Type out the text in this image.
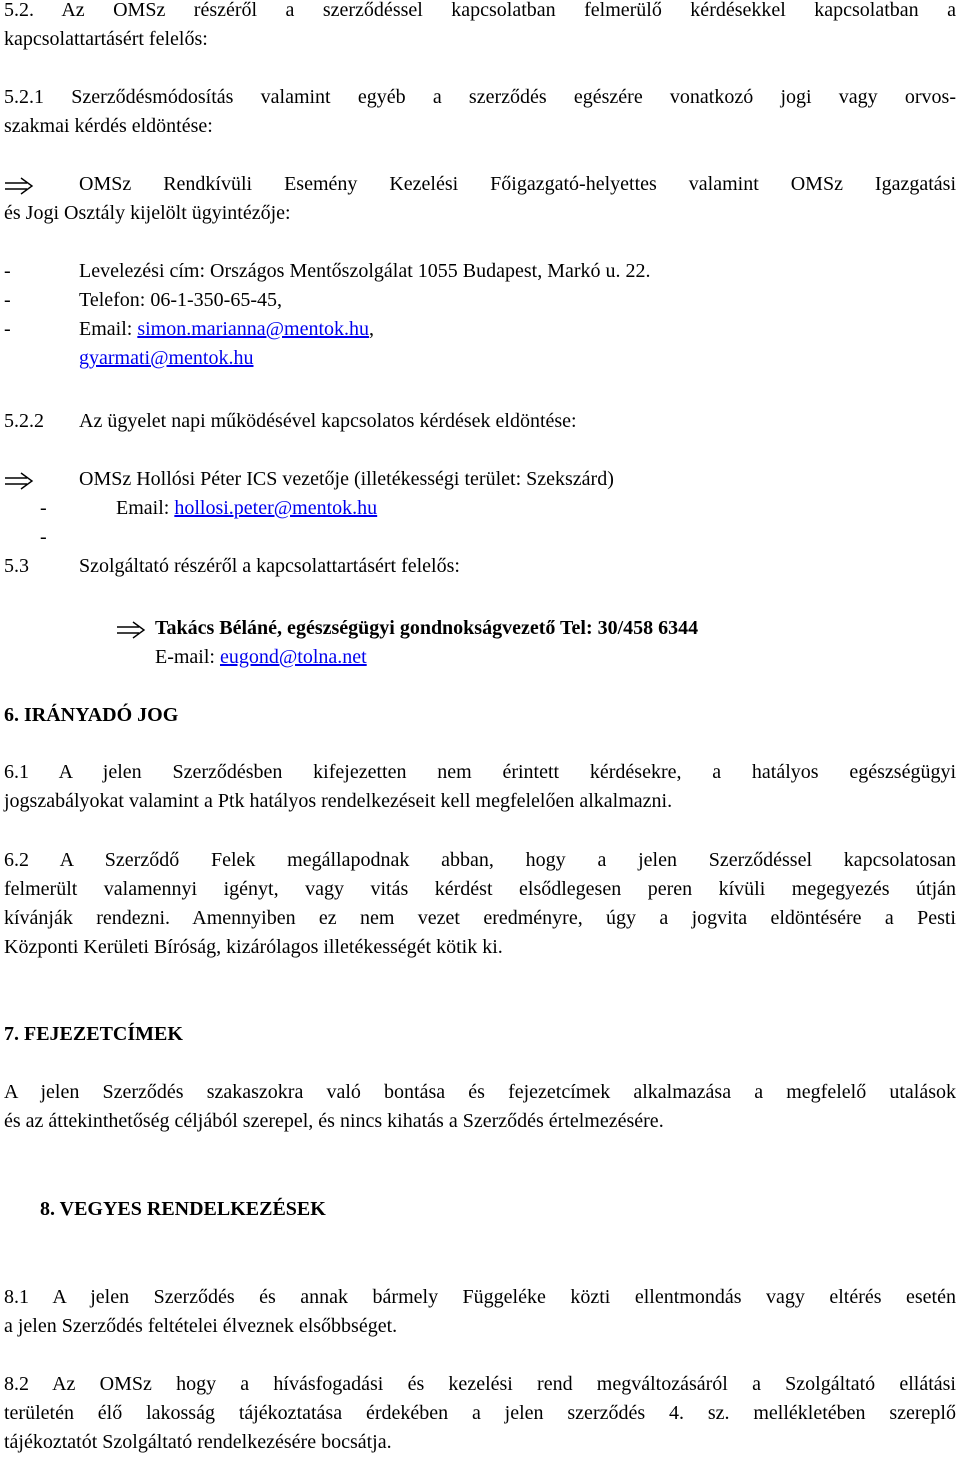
5.2. Az OMSz részéről a szerződéssel kapcsolatban felmerülő kérdésekkel kapcsolatban a
kapcsolattartásért felelős:
5.2.1 Szerződésmódosítás valamint egyéb a szerződés egészére vonatkozó jogi vagy orvos-
szakmai kérdés eldöntése:
OMSz Rendkívüli Esemény Kezelési Főigazgató-helyettes valamint OMSz Igazgatási
és Jogi Osztály kijelölt ügyintézője:
-	Levelezési cím: Országos Mentőszolgálat 1055 Budapest, Markó u. 22.
-	Telefon: 06-1-350-65-45,
-	Email: simon.marianna@mentok.hu,
gyarmati@mentok.hu
5.2.2 Az ügyelet napi működésével kapcsolatos kérdések eldöntése:
OMSz Hollósi Péter ICS vezetője (illetékességi terület: Szekszárd)
-	Email: hollosi.peter@mentok.hu
-
5.3	Szolgáltató részéről a kapcsolattartásért felelős:
Takács Béláné, egészségügyi gondnokságvezető Tel: 30/458 6344
E-mail: eugond@tolna.net
6. IRÁNYADÓ JOG
6.1 A jelen Szerződésben kifejezetten nem érintett kérdésekre, a hatályos egészségügyi
jogszabályokat valamint a Ptk hatályos rendelkezéseit kell megfelelően alkalmazni.
6.2 A Szerződő Felek megállapodnak abban, hogy a jelen Szerződéssel kapcsolatosan
felmerült valamennyi igényt, vagy vitás kérdést elsődlegesen peren kívüli megegyezés útján
kívánják rendezni. Amennyiben ez nem vezet eredményre, úgy a jogvita eldöntésére a Pesti
Központi Kerületi Bíróság, kizárólagos illetékességét kötik ki.
7. FEJEZETCÍMEK
A jelen Szerződés szakaszokra való bontása és fejezetcímek alkalmazása a megfelelő utalások
és az áttekinthetőség céljából szerepel, és nincs kihatás a Szerződés értelmezésére.
8. VEGYES RENDELKEZÉSEK
8.1 A jelen Szerződés és annak bármely Függeléke közti ellentmondás vagy eltérés esetén
a jelen Szerződés feltételei élveznek elsőbbséget.
8.2 Az OMSz hogy a hívásfogadási és kezelési rend megváltozásáról a Szolgáltató ellátási
területén élő lakosság tájékoztatása érdekében a jelen szerződés 4. sz. mellékletében szereplő
tájékoztatót Szolgáltató rendelkezésére bocsátja.
